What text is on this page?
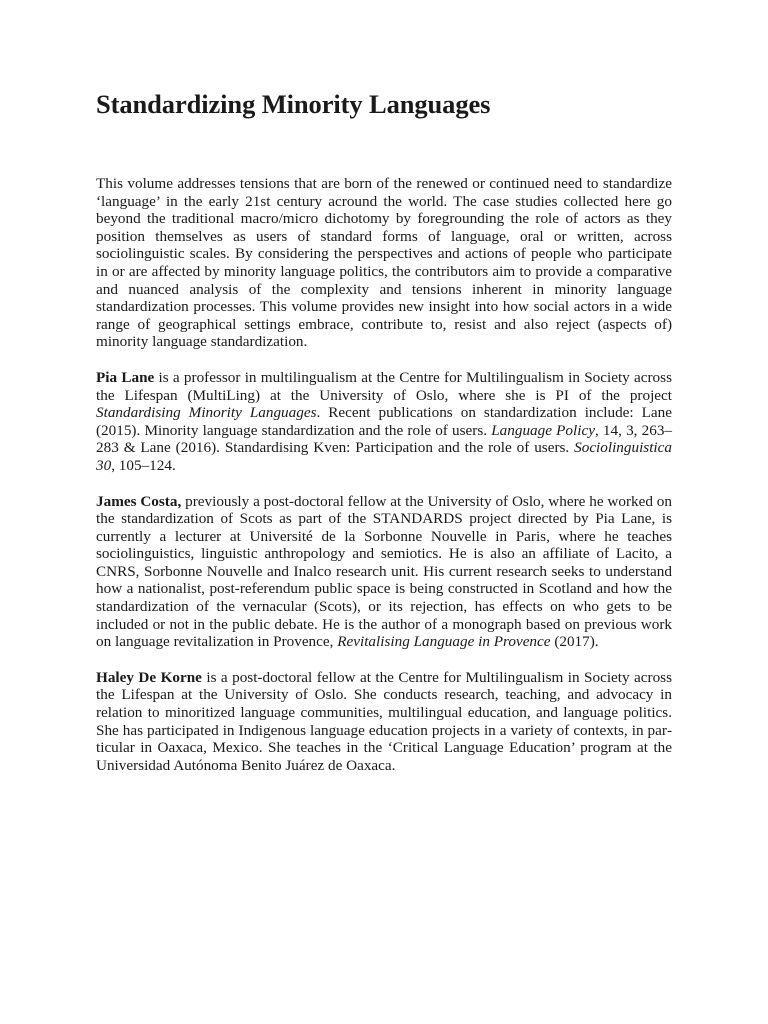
Standardizing Minority Languages

This volume addresses tensions that are born of the renewed or continued need to standardize ‘language’ in the early 21st century acround the world. The case studies collected here go beyond the traditional macro/micro dichotomy by foregrounding the role of actors as they position themselves as users of standard forms of language, oral or written, across sociolinguistic scales. By considering the perspectives and actions of people who participate in or are affected by minority language politics, the contributors aim to provide a comparative and nuanced analysis of the complexity and tensions inherent in minority language standardization processes. This volume provides new insight into how social actors in a wide range of geographical settings embrace, contribute to, resist and also reject (aspects of) minority language standardization.

Pia Lane is a professor in multilingualism at the Centre for Multilingualism in Society across the Lifespan (MultiLing) at the University of Oslo, where she is PI of the project Standardising Minority Languages. Recent publications on standardization include: Lane (2015). Minority language standardization and the role of users. Language Policy, 14, 3, 263–283 & Lane (2016). Standardising Kven: Participation and the role of users. Sociolinguistica 30, 105–124.

James Costa, previously a post-doctoral fellow at the University of Oslo, where he worked on the standardization of Scots as part of the STANDARDS project directed by Pia Lane, is currently a lecturer at Université de la Sorbonne Nouvelle in Paris, where he teaches sociolinguistics, linguistic anthropology and semiotics. He is also an affiliate of Lacito, a CNRS, Sorbonne Nouvelle and Inalco research unit. His current research seeks to understand how a nationalist, post-referendum public space is being constructed in Scotland and how the standardization of the vernacular (Scots), or its rejection, has effects on who gets to be included or not in the public debate. He is the author of a monograph based on previous work on language revitalization in Provence, Revitalising Language in Provence (2017).

Haley De Korne is a post-doctoral fellow at the Centre for Multilingualism in Society across the Lifespan at the University of Oslo. She conducts research, teaching, and advocacy in relation to minoritized language communities, multilingual education, and language politics. She has participated in Indigenous language education projects in a variety of contexts, in particular in Oaxaca, Mexico. She teaches in the ‘Critical Language Education’ program at the Universidad Autónoma Benito Juárez de Oaxaca.
